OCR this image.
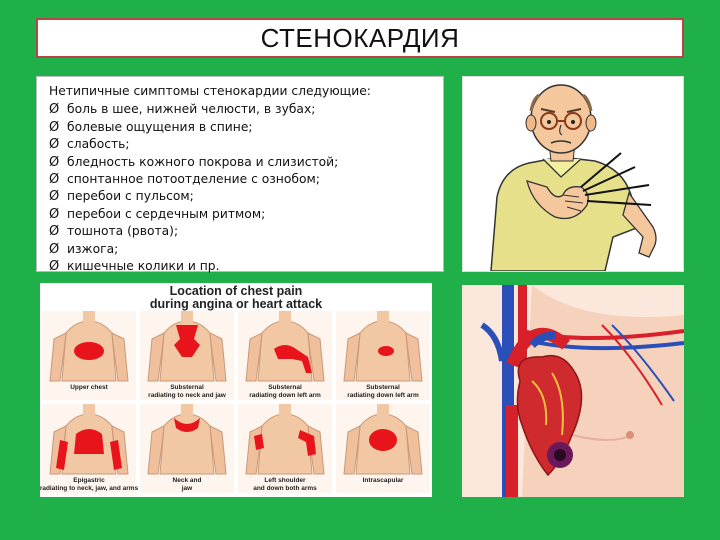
СТЕНОКАРДИЯ

Нетипичные симптомы стенокардии следующие:

Ø боль в шее, нижней челюсти, в зубах;
Ø болевые ощущения в спине;
Ø слабость;
Ø бледность кожного покрова и слизистой;
Ø спонтанное потоотделение с ознобом;
Ø перебои с пульсом;
Ø перебои с сердечным ритмом;
Ø тошнота (рвота);
Ø изжога;
Ø кишечные колики и пр.
Location of chest pain
during angina or heart attack
Upper chest	Substernal
radiating to neck and jaw
Substernal
radiating down left arm
Substernal
radiating down left arm
Epigastric
radiating to neck, jaw, and arms
Neck and
jaw
Left shoulder
and down both arms
Intrascapular
